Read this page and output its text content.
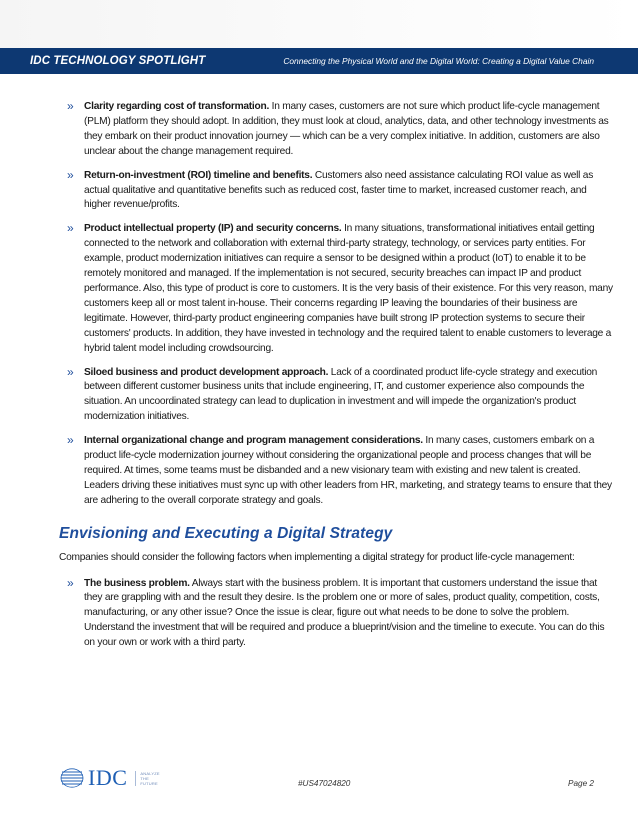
IDC TECHNOLOGY SPOTLIGHT	Connecting the Physical World and the Digital World: Creating a Digital Value Chain
» Clarity regarding cost of transformation. In many cases, customers are not sure which product life-cycle management (PLM) platform they should adopt. In addition, they must look at cloud, analytics, data, and other technology investments as they embark on their product innovation journey — which can be a very complex initiative. In addition, customers are also unclear about the change management required.
» Return-on-investment (ROI) timeline and benefits. Customers also need assistance calculating ROI value as well as actual qualitative and quantitative benefits such as reduced cost, faster time to market, increased customer reach, and higher revenue/profits.
» Product intellectual property (IP) and security concerns. In many situations, transformational initiatives entail getting connected to the network and collaboration with external third-party strategy, technology, or services party entities. For example, product modernization initiatives can require a sensor to be designed within a product (IoT) to enable it to be remotely monitored and managed. If the implementation is not secured, security breaches can impact IP and product performance. Also, this type of product is core to customers. It is the very basis of their existence. For this very reason, many customers keep all or most talent in-house. Their concerns regarding IP leaving the boundaries of their business are legitimate. However, third-party product engineering companies have built strong IP protection systems to secure their customers' products. In addition, they have invested in technology and the required talent to enable customers to leverage a hybrid talent model including crowdsourcing.
» Siloed business and product development approach. Lack of a coordinated product life-cycle strategy and execution between different customer business units that include engineering, IT, and customer experience also compounds the situation. An uncoordinated strategy can lead to duplication in investment and will impede the organization's product modernization initiatives.
» Internal organizational change and program management considerations. In many cases, customers embark on a product life-cycle modernization journey without considering the organizational people and process changes that will be required. At times, some teams must be disbanded and a new visionary team with existing and new talent is created. Leaders driving these initiatives must sync up with other leaders from HR, marketing, and strategy teams to ensure that they are adhering to the overall corporate strategy and goals.
Envisioning and Executing a Digital Strategy
Companies should consider the following factors when implementing a digital strategy for product life-cycle management:
» The business problem. Always start with the business problem. It is important that customers understand the issue that they are grappling with and the result they desire. Is the problem one or more of sales, product quality, competition, costs, manufacturing, or any other issue? Once the issue is clear, figure out what needs to be done to solve the problem. Understand the investment that will be required and produce a blueprint/vision and the timeline to execute. You can do this on your own or work with a third party.
IDC	ANALYZE
THE
FUTURE	#US47024820	Page 2
